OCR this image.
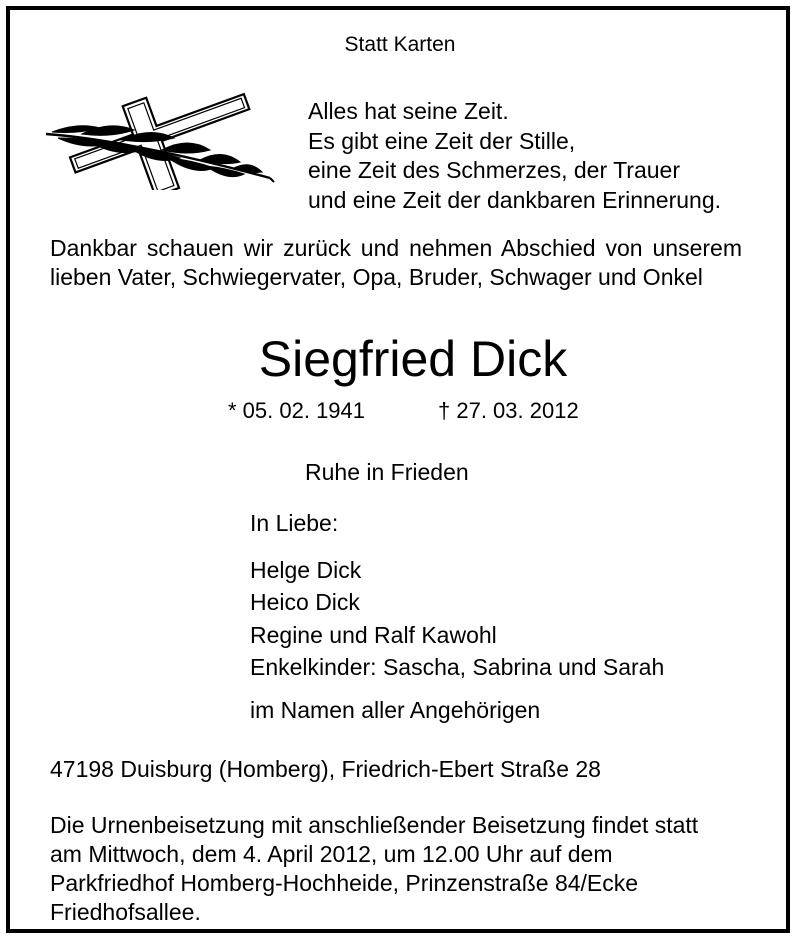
Statt Karten
Alles hat seine Zeit.
Es gibt eine Zeit der Stille,
eine Zeit des Schmerzes, der Trauer
und eine Zeit der dankbaren Erinnerung.
Dankbar schauen wir zurück und nehmen Abschied von unserem lieben Vater, Schwiegervater, Opa, Bruder, Schwager und Onkel
Siegfried Dick
* 05. 02. 1941	† 27. 03. 2012
Ruhe in Frieden
In Liebe:
Helge Dick
Heico Dick
Regine und Ralf Kawohl
Enkelkinder: Sascha, Sabrina und Sarah
im Namen aller Angehörigen
47198 Duisburg (Homberg), Friedrich-Ebert Straße 28
Die Urnenbeisetzung mit anschließender Beisetzung findet statt
am Mittwoch, dem 4. April 2012, um 12.00 Uhr auf dem
Parkfriedhof Homberg-Hochheide, Prinzenstraße 84/Ecke
Friedhofsallee.
